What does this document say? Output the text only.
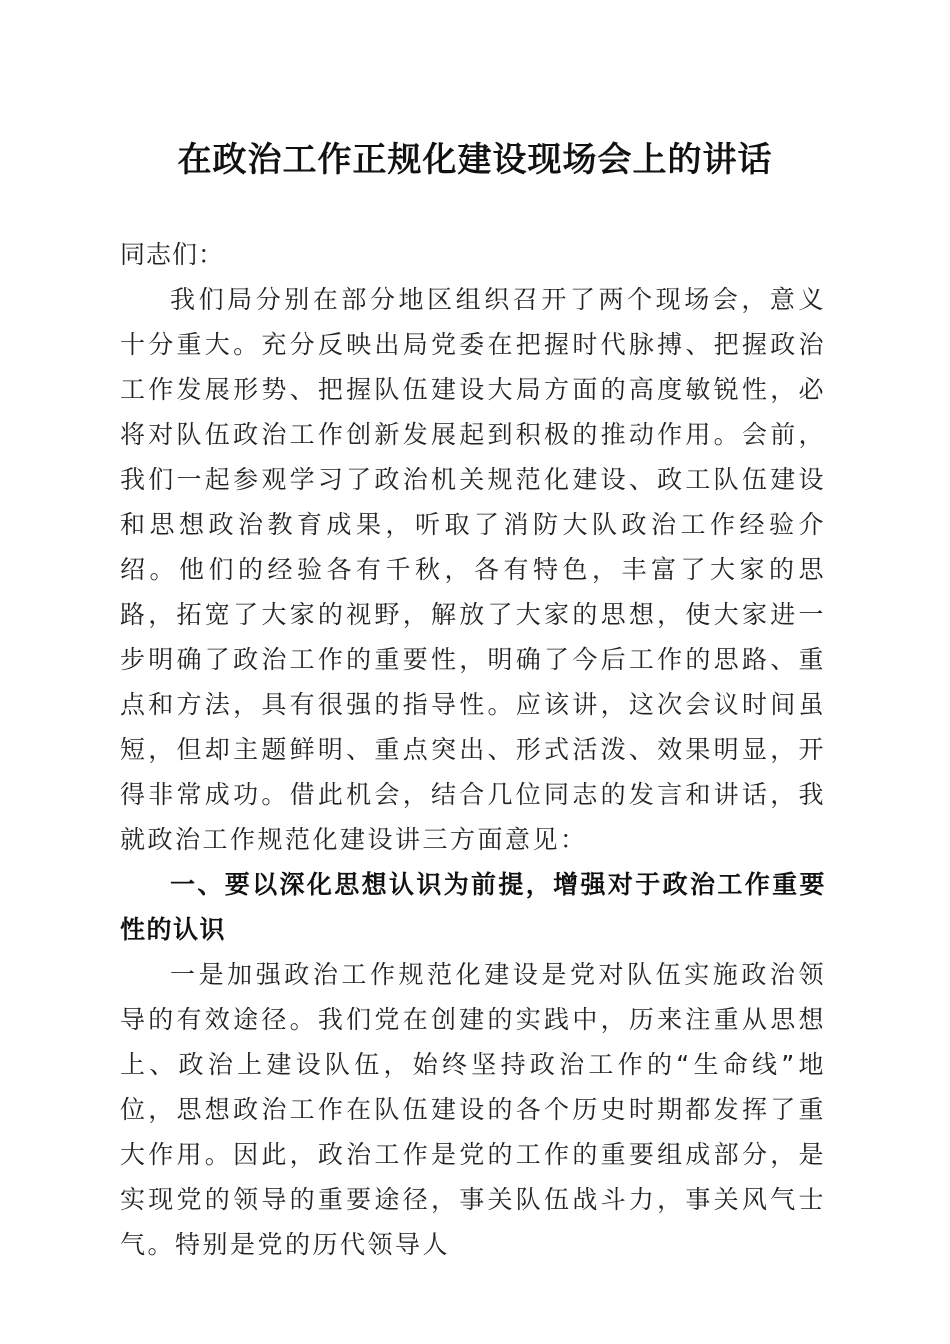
在政治工作正规化建设现场会上的讲话

同志们：

我们局分别在部分地区组织召开了两个现场会，意义十分重大。充分反映出局党委在把握时代脉搏、把握政治工作发展形势、把握队伍建设大局方面的高度敏锐性，必将对队伍政治工作创新发展起到积极的推动作用。会前，我们一起参观学习了政治机关规范化建设、政工队伍建设和思想政治教育成果，听取了消防大队政治工作经验介绍。他们的经验各有千秋，各有特色，丰富了大家的思路，拓宽了大家的视野，解放了大家的思想，使大家进一步明确了政治工作的重要性，明确了今后工作的思路、重点和方法，具有很强的指导性。应该讲，这次会议时间虽短，但却主题鲜明、重点突出、形式活泼、效果明显，开得非常成功。借此机会，结合几位同志的发言和讲话，我就政治工作规范化建设讲三方面意见：

一、要以深化思想认识为前提，增强对于政治工作重要性的认识

一是加强政治工作规范化建设是党对队伍实施政治领导的有效途径。我们党在创建的实践中，历来注重从思想上、政治上建设队伍，始终坚持政治工作的“生命线”地位，思想政治工作在队伍建设的各个历史时期都发挥了重大作用。因此，政治工作是党的工作的重要组成部分，是实现党的领导的重要途径，事关队伍战斗力，事关风气士气。特别是党的历代领导人
